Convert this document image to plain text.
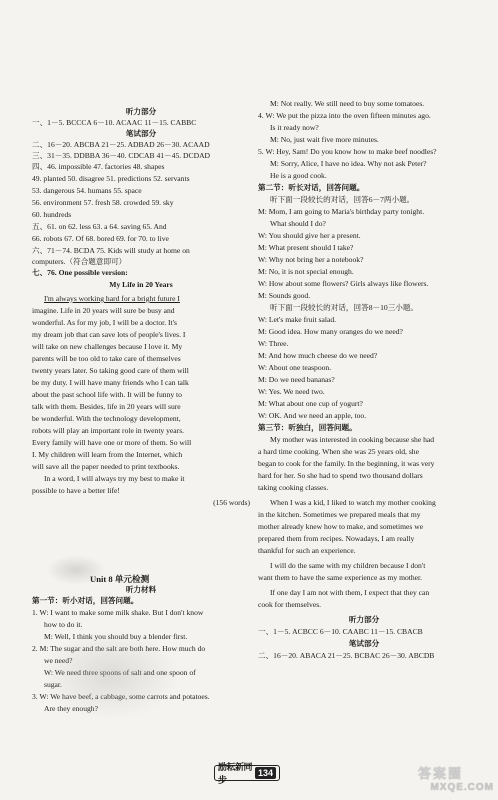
听力部分
一、1－5. BCCCA 6－10. ACAAC 11－15. CABBC
笔试部分
二、16－20. ABCBA 21－25. ADBAD 26－30. ACAAD
三、31－35. DDBBA 36－40. CDCAB 41－45. DCDAD
四、46. impossible 47. factories 48. shapes
49. planted 50. disagree 51. predictions 52. servants
53. dangerous 54. humans 55. space
56. environment 57. fresh 58. crowded 59. sky
60. hundreds
五、61. on 62. less 63. a 64. saving 65. And
66. robots 67. Of 68. bored 69. for 70. to live
六、71－74. BCDA 75. Kids will study at home on
computers.（符合题意即可）
七、76. One possible version:
My Life in 20 Years
I'm always working hard for a bright future I
imagine. Life in 20 years will sure be busy and
wonderful. As for my job, I will be a doctor. It's
my dream job that can save lots of people's lives. I
will take on new challenges because I love it. My
parents will be too old to take care of themselves
twenty years later. So taking good care of them will
be my duty. I will have many friends who I can talk
about the past school life with. It will be funny to
talk with them. Besides, life in 20 years will sure
be wonderful. With the technology development,
robots will play an important role in twenty years.
Every family will have one or more of them. So will
I. My children will learn from the Internet, which
will save all the paper needed to print textbooks.
In a word, I will always try my best to make it
possible to have a better life!
(156 words)
听力材料
第一节：听小对话，回答问题。
1. W: I want to make some milk shake. But I don't know
how to do it.
M: Well, I think you should buy a blender first.
2. M: The sugar and the salt are both here. How much do
we need?
W: We need three spoons of salt and one spoon of
sugar.
3. W: We have beef, a cabbage, some carrots and potatoes.
Are they enough?
Unit 8 单元检测
M: Not really. We still need to buy some tomatoes.
4. W: We put the pizza into the oven fifteen minutes ago.
Is it ready now?
M: No, just wait five more minutes.
5. W: Hey, Sam! Do you know how to make beef noodles?
M: Sorry, Alice, I have no idea. Why not ask Peter?
He is a good cook.
第二节：听长对话，回答问题。
听下面一段较长的对话，回答6－7两小题。
M: Mom, I am going to Maria's birthday party tonight.
What should I do?
W: You should give her a present.
M: What present should I take?
W: Why not bring her a notebook?
M: No, it is not special enough.
W: How about some flowers? Girls always like flowers.
M: Sounds good.
听下面一段较长的对话，回答8－10三小题。
W: Let's make fruit salad.
M: Good idea. How many oranges do we need?
W: Three.
M: And how much cheese do we need?
W: About one teaspoon.
M: Do we need bananas?
W: Yes. We need two.
M: What about one cup of yogurt?
W: OK. And we need an apple, too.
第三节：听独白，回答问题。
My mother was interested in cooking because she had
a hard time cooking. When she was 25 years old, she
began to cook for the family. In the beginning, it was very
hard for her. So she had to spend two thousand dollars
taking cooking classes.
When I was a kid, I liked to watch my mother cooking
in the kitchen. Sometimes we prepared meals that my
mother already knew how to make, and sometimes we
prepared them from recipes. Nowadays, I am really
thankful for such an experience.
I will do the same with my children because I don't
want them to have the same experience as my mother.
If one day I am not with them, I expect that they can
cook for themselves.
听力部分
一、1－5. ACBCC 6－10. CAABC 11－15. CBACB
笔试部分
二、16－20. ABACA 21－25. BCBAC 26－30. ABCDB
励耘新同步
134	答案圈
MXQE.COM
